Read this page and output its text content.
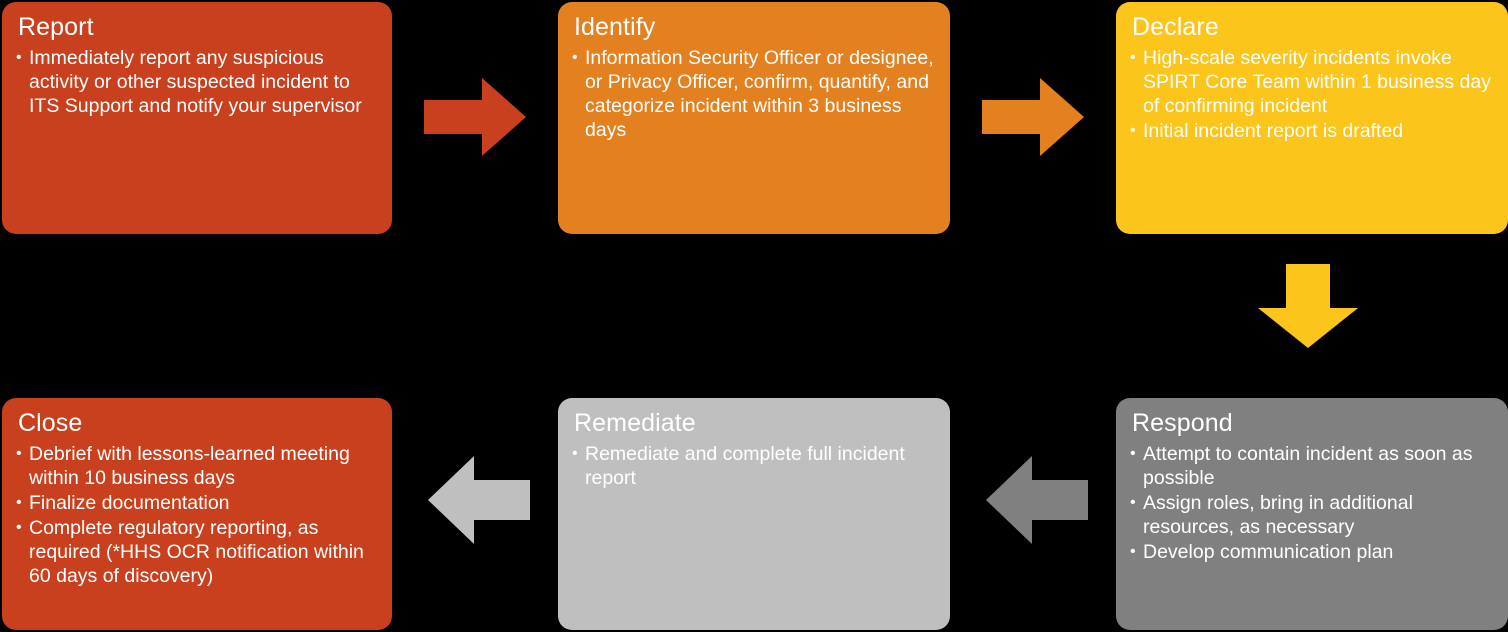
Report
• Immediately report any suspicious activity or other suspected incident to ITS Support and notify your supervisor
Identify
• Information Security Officer or designee, or Privacy Officer, confirm, quantify, and categorize incident within 3 business days
Declare
• High-scale severity incidents invoke SPIRT Core Team within 1 business day of confirming incident
• Initial incident report is drafted
Respond
• Attempt to contain incident as soon as possible
• Assign roles, bring in additional resources, as necessary
• Develop communication plan
Remediate
• Remediate and complete full incident report
Close
• Debrief with lessons-learned meeting within 10 business days
• Finalize documentation
• Complete regulatory reporting, as required (*HHS OCR notification within 60 days of discovery)
